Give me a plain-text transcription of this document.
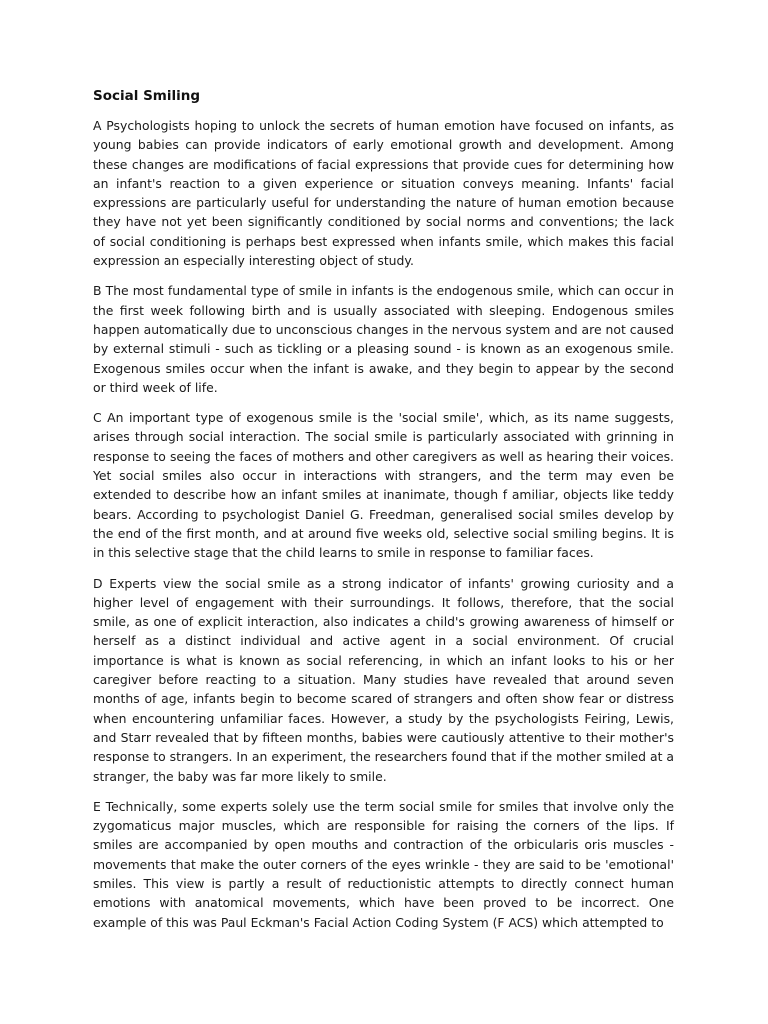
Social Smiling

A Psychologists hoping to unlock the secrets of human emotion have focused on infants, as young babies can provide indicators of early emotional growth and development. Among these changes are modifications of facial expressions that provide cues for determining how an infant's reaction to a given experience or situation conveys meaning. Infants' facial expressions are particularly useful for understanding the nature of human emotion because they have not yet been significantly conditioned by social norms and conventions; the lack of social conditioning is perhaps best expressed when infants smile, which makes this facial expression an especially interesting object of study.

B The most fundamental type of smile in infants is the endogenous smile, which can occur in the first week following birth and is usually associated with sleeping. Endogenous smiles happen automatically due to unconscious changes in the nervous system and are not caused by external stimuli - such as tickling or a pleasing sound - is known as an exogenous smile. Exogenous smiles occur when the infant is awake, and they begin to appear by the second or third week of life.

C An important type of exogenous smile is the 'social smile', which, as its name suggests, arises through social interaction. The social smile is particularly associated with grinning in response to seeing the faces of mothers and other caregivers as well as hearing their voices. Yet social smiles also occur in interactions with strangers, and the term may even be extended to describe how an infant smiles at inanimate, though f amiliar, objects like teddy bears. According to psychologist Daniel G. Freedman, generalised social smiles develop by the end of the first month, and at around five weeks old, selective social smiling begins. It is in this selective stage that the child learns to smile in response to familiar faces.

D Experts view the social smile as a strong indicator of infants' growing curiosity and a higher level of engagement with their surroundings. It follows, therefore, that the social smile, as one of explicit interaction, also indicates a child's growing awareness of himself or herself as a distinct individual and active agent in a social environment. Of crucial importance is what is known as social referencing, in which an infant looks to his or her caregiver before reacting to a situation. Many studies have revealed that around seven months of age, infants begin to become scared of strangers and often show fear or distress when encountering unfamiliar faces. However, a study by the psychologists Feiring, Lewis, and Starr revealed that by fifteen months, babies were cautiously attentive to their mother's response to strangers. In an experiment, the researchers found that if the mother smiled at a stranger, the baby was far more likely to smile.

E Technically, some experts solely use the term social smile for smiles that involve only the zygomaticus major muscles, which are responsible for raising the corners of the lips. If smiles are accompanied by open mouths and contraction of the orbicularis oris muscles - movements that make the outer corners of the eyes wrinkle - they are said to be 'emotional' smiles. This view is partly a result of reductionistic attempts to directly connect human emotions with anatomical movements, which have been proved to be incorrect. One example of this was Paul Eckman's Facial Action Coding System (F ACS) which attempted to
